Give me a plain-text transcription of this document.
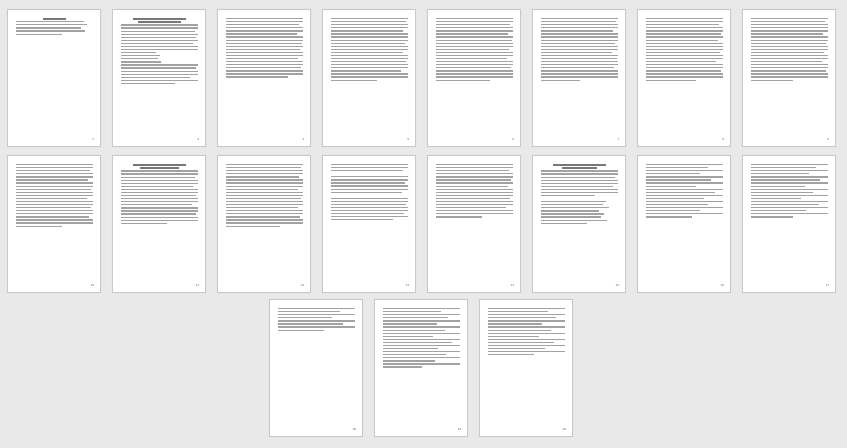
2	3	4	5	6	7	8	9
10	11	12	13	14	15	16	17
18	19	20
